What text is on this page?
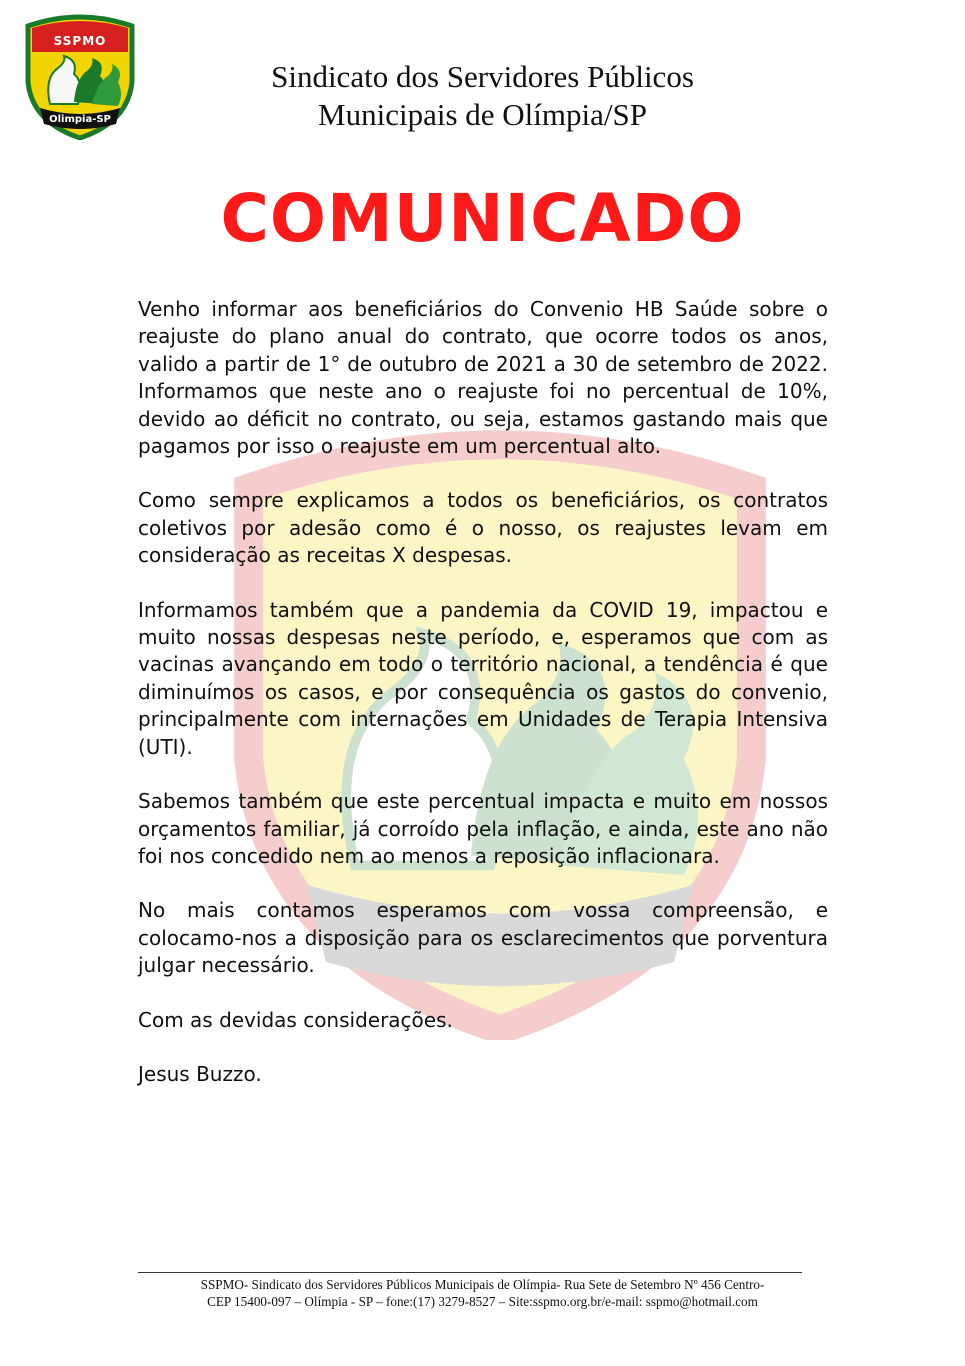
SSPMO
Olimpia-SP
Sindicato dos Servidores Públicos
Municipais de Olímpia/SP
COMUNICADO

Venho informar aos beneficiários do Convenio HB Saúde sobre o reajuste do plano anual do contrato, que ocorre todos os anos, valido a partir de 1° de outubro de 2021 a 30 de setembro de 2022. Informamos que neste ano o reajuste foi no percentual de 10%, devido ao déficit no contrato, ou seja, estamos gastando mais que pagamos por isso o reajuste em um percentual alto.

Como sempre explicamos a todos os beneficiários, os contratos coletivos por adesão como é o nosso, os reajustes levam em consideração as receitas X despesas.

Informamos também que a pandemia da COVID 19, impactou e muito nossas despesas neste período, e, esperamos que com as vacinas avançando em todo o território nacional, a tendência é que diminuímos os casos, e por consequência os gastos do convenio, principalmente com internações em Unidades de Terapia Intensiva (UTI).

Sabemos também que este percentual impacta e muito em nossos orçamentos familiar, já corroído pela inflação, e ainda, este ano não foi nos concedido nem ao menos a reposição inflacionara.

No mais contamos esperamos com vossa compreensão, e colocamo-nos a disposição para os esclarecimentos que porventura julgar necessário.

Com as devidas considerações.

Jesus Buzzo.

SSPMO- Sindicato dos Servidores Públicos Municipais de Olímpia- Rua Sete de Setembro Nº 456 Centro-
CEP 15400-097 – Olímpia - SP – fone:(17) 3279-8527 – Site:sspmo.org.br/e-mail: sspmo@hotmail.com
